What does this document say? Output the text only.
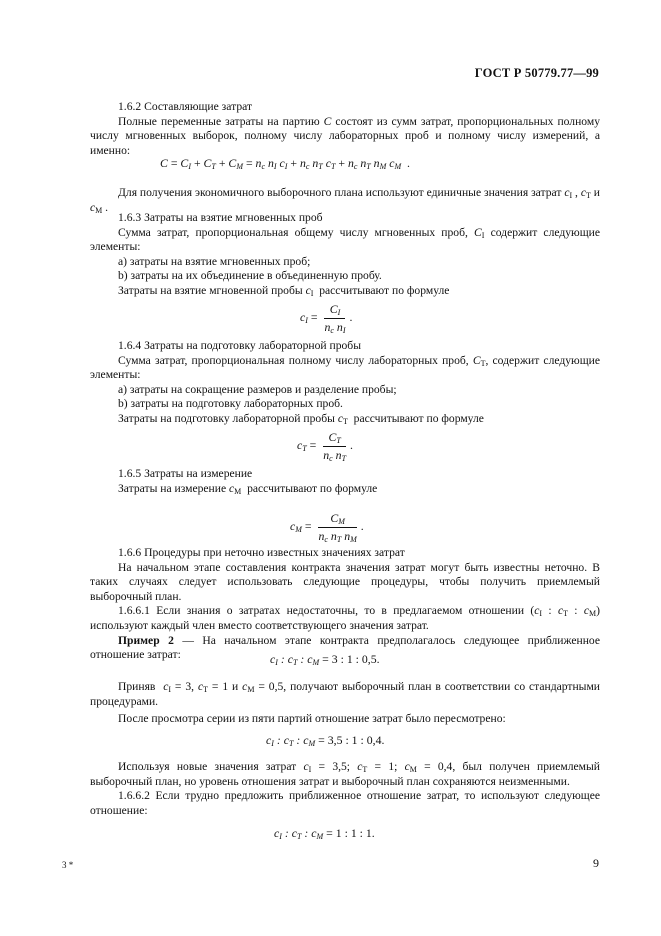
ГОСТ Р 50779.77—99

1.6.2 Составляющие затрат

Полные переменные затраты на партию C состоят из сумм затрат, пропорциональных полному числу мгновенных выборок, полному числу лабораторных проб и полному числу измерений, а именно:

$C = C_I + C_T + C_M = n_c$ $n_I$ $c_I + n_c$ $n_T$ $c_T + n_c$ $n_T$ $n_M$ $c_M$  .

Для получения экономичного выборочного плана используют единичные значения затрат $c_I$ , $c_T$ и $c_M$ .

1.6.3 Затраты на взятие мгновенных проб

Сумма затрат, пропорциональная общему числу мгновенных проб, $C_I$ содержит следующие элементы:

a) затраты на взятие мгновенных проб;

b) затраты на их объединение в объединенную пробу.

Затраты на взятие мгновенной пробы $c_I$ рассчитывают по формуле

$c_I = \frac{C_I}{n_c n_I}$ .

1.6.4 Затраты на подготовку лабораторной пробы

Сумма затрат, пропорциональная полному числу лабораторных проб, $C_T$, содержит следующие элементы:

a) затраты на сокращение размеров и разделение пробы;

b) затраты на подготовку лабораторных проб.

Затраты на подготовку лабораторной пробы $c_T$ рассчитывают по формуле

$c_T = \frac{C_T}{n_c n_T}$ .

1.6.5 Затраты на измерение

Затраты на измерение $c_M$ рассчитывают по формуле

$c_M = \frac{C_M}{n_c n_T n_M}$ .

1.6.6 Процедуры при неточно известных значениях затрат

На начальном этапе составления контракта значения затрат могут быть известны неточно. В таких случаях следует использовать следующие процедуры, чтобы получить приемлемый выборочный план.

1.6.6.1 Если знания о затратах недостаточны, то в предлагаемом отношении ($c_I$ : $c_T$ : $c_M$) используют каждый член вместо соответствующего значения затрат.

Пример 2 — На начальном этапе контракта предполагалось следующее приближенное отношение затрат:	$c_I$ : $c_T$ : $c_M = 3$ : 1 : 0,5.

Приняв $c_I = 3$, $c_T = 1$ и $c_M = 0,5$, получают выборочный план в соответствии со стандартными процедурами.

После просмотра серии из пяти партий отношение затрат было пересмотрено:

$c_I$ : $c_T$ : $c_M = 3,5$ : 1 : 0,4.

Используя новые значения затрат $c_I = 3,5$; $c_T = 1$; $c_M = 0,4$, был получен приемлемый выборочный план, но уровень отношения затрат и выборочный план сохраняются неизменными.

1.6.6.2 Если трудно предложить приближенное отношение затрат, то используют следующее отношение:

$c_I$ : $c_T$ : $c_M = 1$ : 1 : 1.
3 *	9
